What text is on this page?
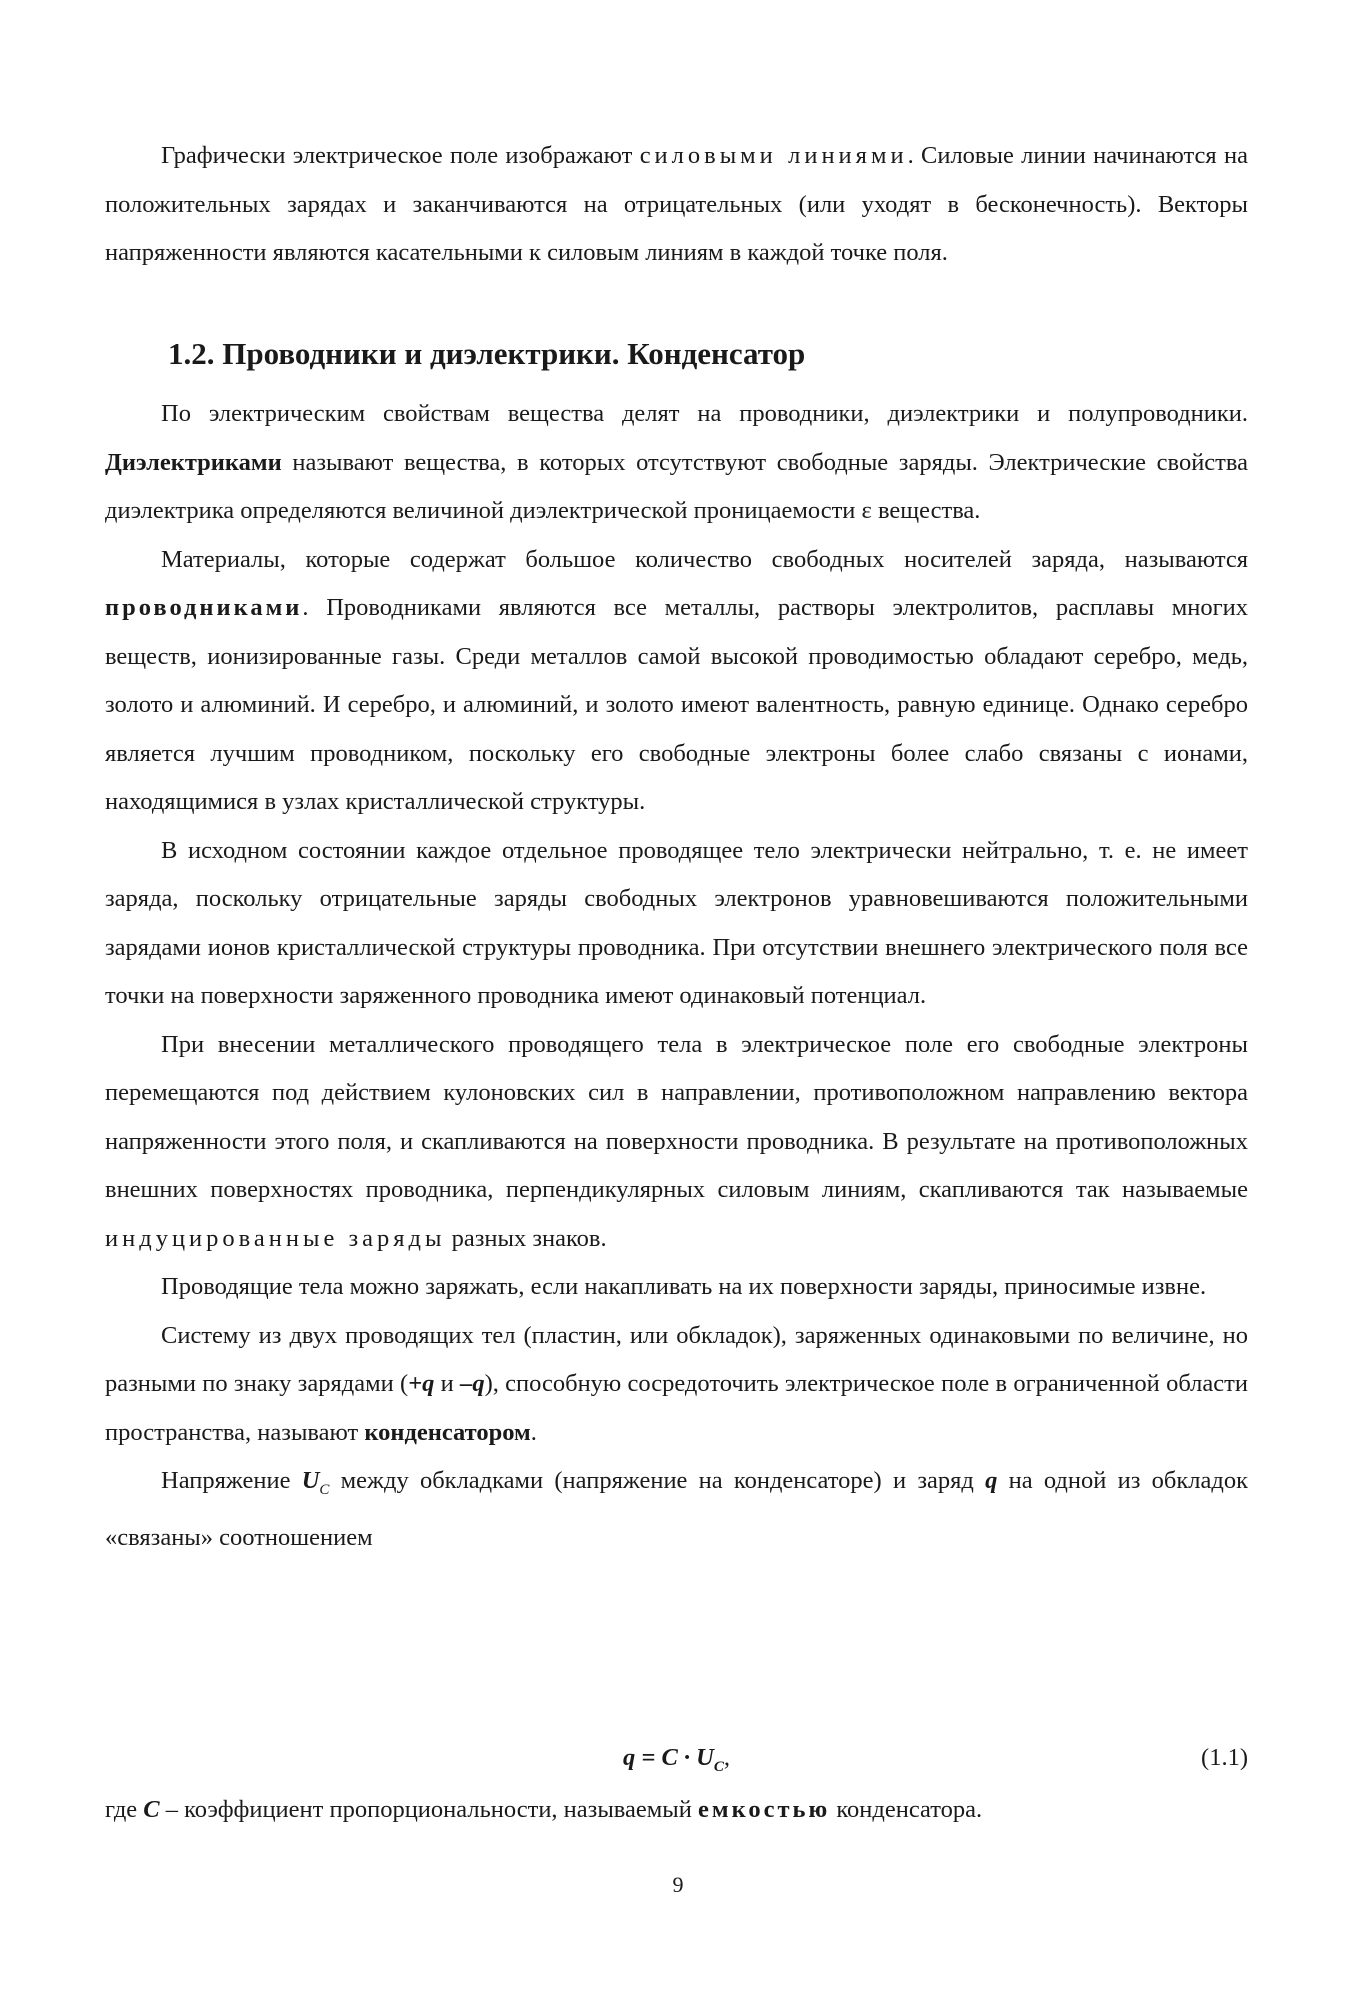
Графически электрическое поле изображают силовыми линиями. Силовые линии начинаются на положительных зарядах и заканчиваются на отрицательных (или уходят в бесконечность). Векторы напряженности являются касательными к силовым линиям в каждой точке поля.

1.2. Проводники и диэлектрики. Конденсатор

По электрическим свойствам вещества делят на проводники, диэлектрики и полупроводники. Диэлектриками называют вещества, в которых отсутствуют свободные заряды. Электрические свойства диэлектрика определяются величиной диэлектрической проницаемости ε вещества.

Материалы, которые содержат большое количество свободных носителей заряда, называются проводниками. Проводниками являются все металлы, растворы электролитов, расплавы многих веществ, ионизированные газы. Среди металлов самой высокой проводимостью обладают серебро, медь, золото и алюминий. И серебро, и алюминий, и золото имеют валентность, равную единице. Однако серебро является лучшим проводником, поскольку его свободные электроны более слабо связаны с ионами, находящимися в узлах кристаллической структуры.

В исходном состоянии каждое отдельное проводящее тело электрически нейтрально, т. е. не имеет заряда, поскольку отрицательные заряды свободных электронов уравновешиваются положительными зарядами ионов кристаллической структуры проводника. При отсутствии внешнего электрического поля все точки на поверхности заряженного проводника имеют одинаковый потенциал.

При внесении металлического проводящего тела в электрическое поле его свободные электроны перемещаются под действием кулоновских сил в направлении, противоположном направлению вектора напряженности этого поля, и скапливаются на поверхности проводника. В результате на противоположных внешних поверхностях проводника, перпендикулярных силовым линиям, скапливаются так называемые индуцированные заряды разных знаков.

Проводящие тела можно заряжать, если накапливать на их поверхности заряды, приносимые извне.

Систему из двух проводящих тел (пластин, или обкладок), заряженных одинаковыми по величине, но разными по знаку зарядами (+q и –q), способную сосредоточить электрическое поле в ограниченной области пространства, называют конденсатором.

Напряжение $U_C$ между обкладками (напряжение на конденсаторе) и заряд q на одной из обкладок «связаны» соотношением

$q = C \cdot U_C$,	(1.1)

где C – коэффициент пропорциональности, называемый емкостью конденсатора.

9
